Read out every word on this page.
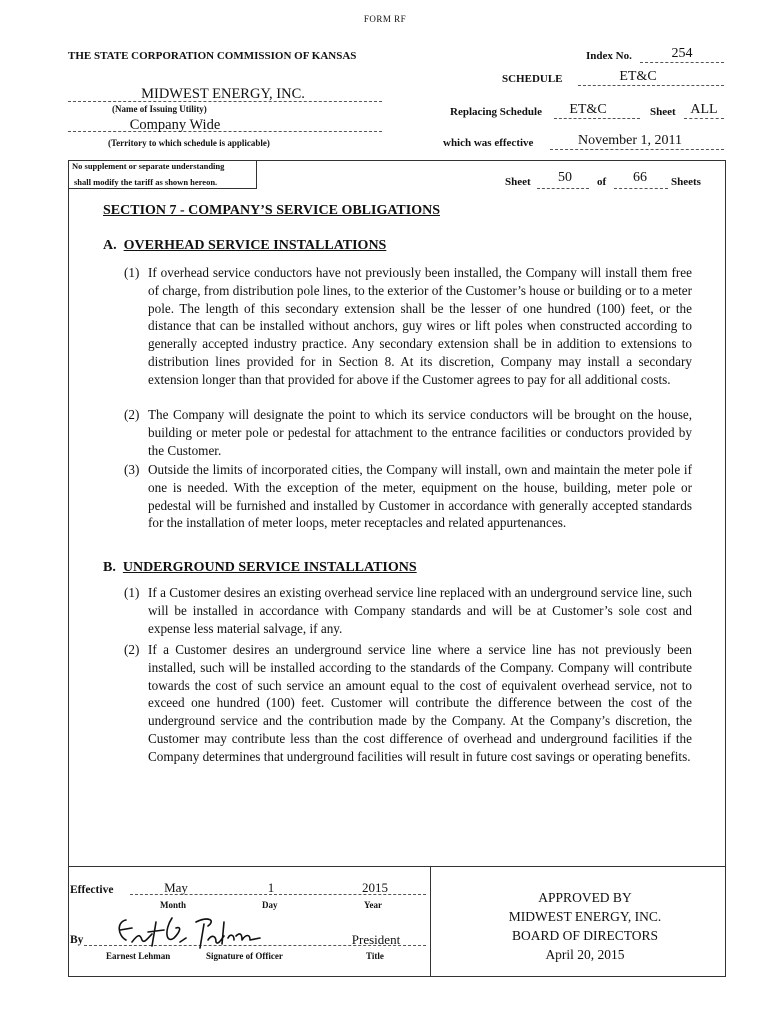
FORM RF
THE STATE CORPORATION COMMISSION OF KANSAS	Index No.	254
SCHEDULE	ET&C
MIDWEST ENERGY, INC.
(Name of Issuing Utility)	Replacing Schedule	ET&C	Sheet	ALL
Company Wide
(Territory to which schedule is applicable)	which was effective	November 1, 2011
No supplement or separate understanding
shall modify the tariff as shown hereon.	Sheet	50	of	66	Sheets
SECTION 7 - COMPANY’S SERVICE OBLIGATIONS
A. OVERHEAD SERVICE INSTALLATIONS
(1) If overhead service conductors have not previously been installed, the Company will install them free of charge, from distribution pole lines, to the exterior of the Customer’s house or building or to a meter pole. The length of this secondary extension shall be the lesser of one hundred (100) feet, or the distance that can be installed without anchors, guy wires or lift poles when constructed according to generally accepted industry practice. Any secondary extension shall be in addition to extensions to distribution lines provided for in Section 8. At its discretion, Company may install a secondary extension longer than that provided for above if the Customer agrees to pay for all additional costs.
(2) The Company will designate the point to which its service conductors will be brought on the house, building or meter pole or pedestal for attachment to the entrance facilities or conductors provided by the Customer.
(3) Outside the limits of incorporated cities, the Company will install, own and maintain the meter pole if one is needed. With the exception of the meter, equipment on the house, building, meter pole or pedestal will be furnished and installed by Customer in accordance with generally accepted standards for the installation of meter loops, meter receptacles and related appurtenances.
B. UNDERGROUND SERVICE INSTALLATIONS
(1) If a Customer desires an existing overhead service line replaced with an underground service line, such will be installed in accordance with Company standards and will be at Customer’s sole cost and expense less material salvage, if any.
(2) If a Customer desires an underground service line where a service line has not previously been installed, such will be installed according to the standards of the Company. Company will contribute towards the cost of such service an amount equal to the cost of equivalent overhead service, not to exceed one hundred (100) feet. Customer will contribute the difference between the cost of the underground service and the contribution made by the Company. At the Company’s discretion, the Customer may contribute less than the cost difference of overhead and underground facilities if the Company determines that underground facilities will result in future cost savings or operating benefits.
Effective	May	1	2015
Month	Day	Year
By	President
Earnest Lehman	Signature of Officer	Title
APPROVED BY
MIDWEST ENERGY, INC.
BOARD OF DIRECTORS
April 20, 2015
